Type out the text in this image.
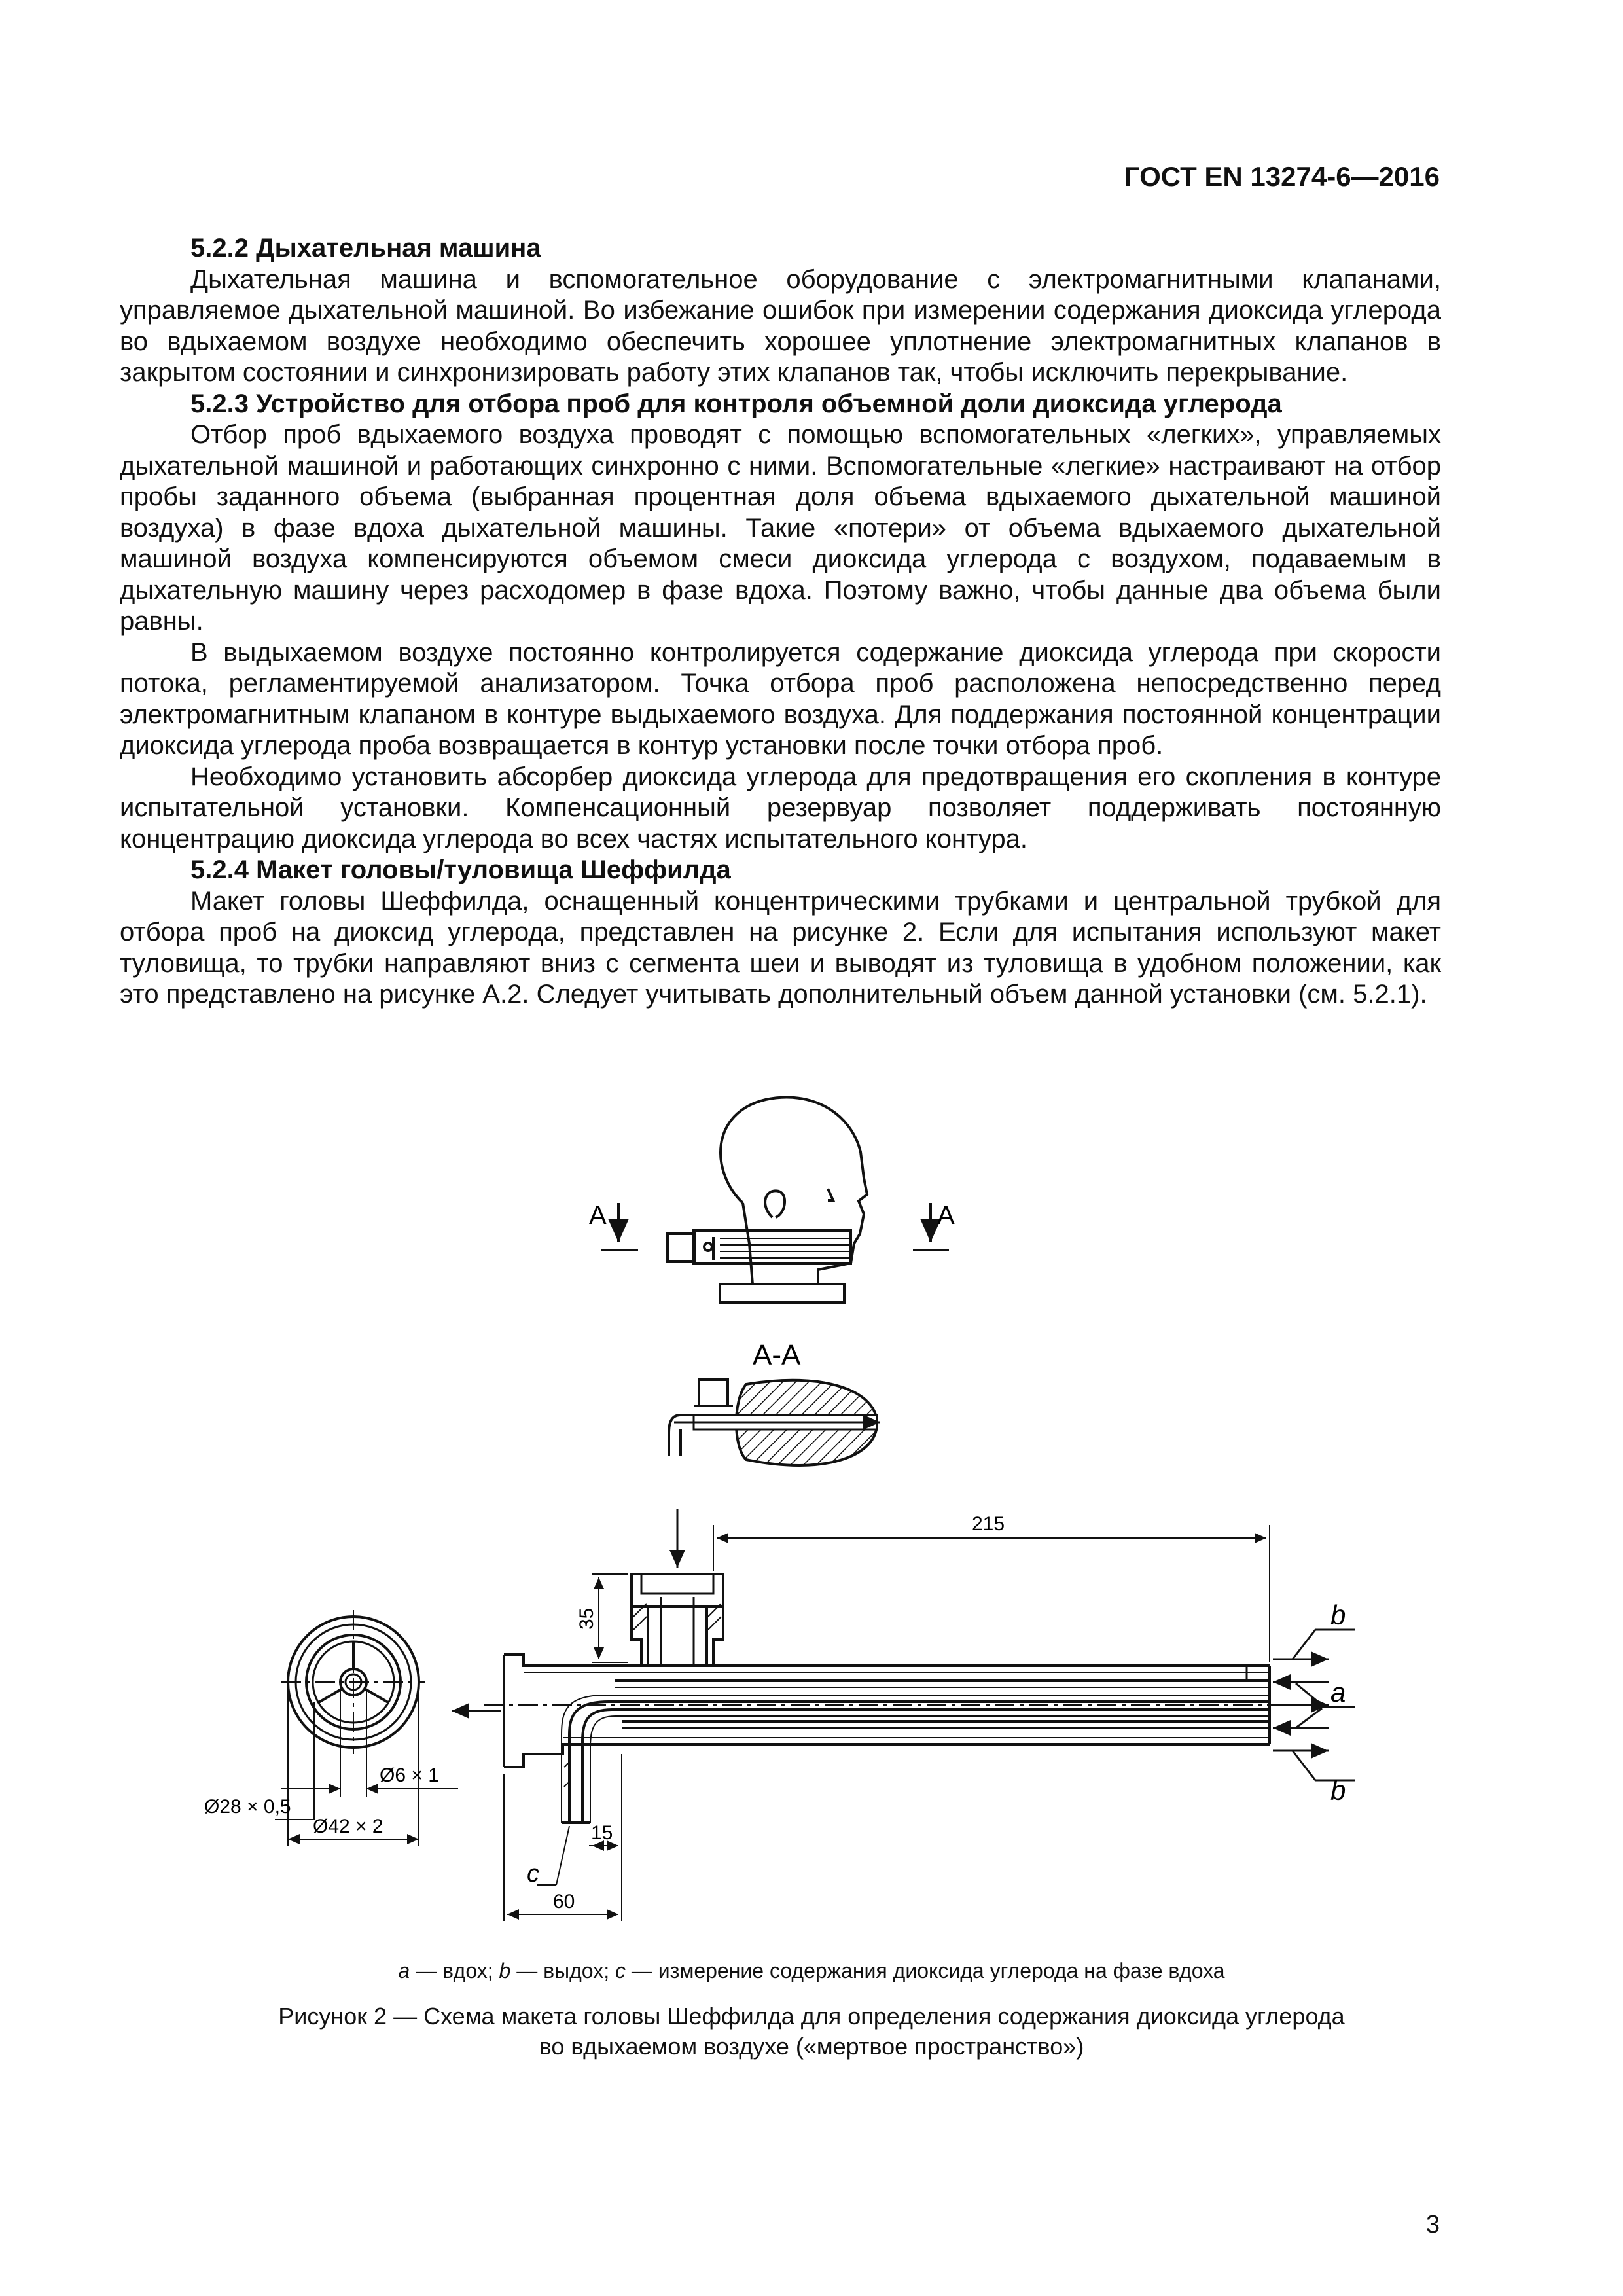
ГОСТ EN 13274-6—2016
5.2.2 Дыхательная машина

Дыхательная машина и вспомогательное оборудование с электромагнитными клапанами, управляемое дыхательной машиной. Во избежание ошибок при измерении содержания диоксида углерода во вдыхаемом воздухе необходимо обеспечить хорошее уплотнение электромагнитных клапанов в закрытом состоянии и синхронизировать работу этих клапанов так, чтобы исключить перекрывание.

5.2.3 Устройство для отбора проб для контроля объемной доли диоксида углерода

Отбор проб вдыхаемого воздуха проводят с помощью вспомогательных «легких», управляемых дыхательной машиной и работающих синхронно с ними. Вспомогательные «легкие» настраивают на отбор пробы заданного объема (выбранная процентная доля объема вдыхаемого дыхательной машиной воздуха) в фазе вдоха дыхательной машины. Такие «потери» от объема вдыхаемого дыхательной машиной воздуха компенсируются объемом смеси диоксида углерода с воздухом, подаваемым в дыхательную машину через расходомер в фазе вдоха. Поэтому важно, чтобы данные два объема были равны.

В выдыхаемом воздухе постоянно контролируется содержание диоксида углерода при скорости потока, регламентируемой анализатором. Точка отбора проб расположена непосредственно перед электромагнитным клапаном в контуре выдыхаемого воздуха. Для поддержания постоянной концентрации диоксида углерода проба возвращается в контур установки после точки отбора проб.

Необходимо установить абсорбер диоксида углерода для предотвращения его скопления в контуре испытательной установки. Компенсационный резервуар позволяет поддерживать постоянную концентрацию диоксида углерода во всех частях испытательного контура.

5.2.4 Макет головы/туловища Шеффилда

Макет головы Шеффилда, оснащенный концентрическими трубками и центральной трубкой для отбора проб на диоксид углерода, представлен на рисунке 2. Если для испытания используют макет туловища, то трубки направляют вниз с сегмента шеи и выводят из туловища в удобном положении, как это представлено на рисунке А.2. Следует учитывать дополнительный объем данной установки (см. 5.2.1).

A	A
A-A
Ø6 × 1
Ø28 × 0,5
Ø42 × 2
215
35
15
60
c
b
a
b
a — вдох; b — выдох; c — измерение содержания диоксида углерода на фазе вдоха
Рисунок 2 — Схема макета головы Шеффилда для определения содержания диоксида углерода
во вдыхаемом воздухе («мертвое пространство»)
3
